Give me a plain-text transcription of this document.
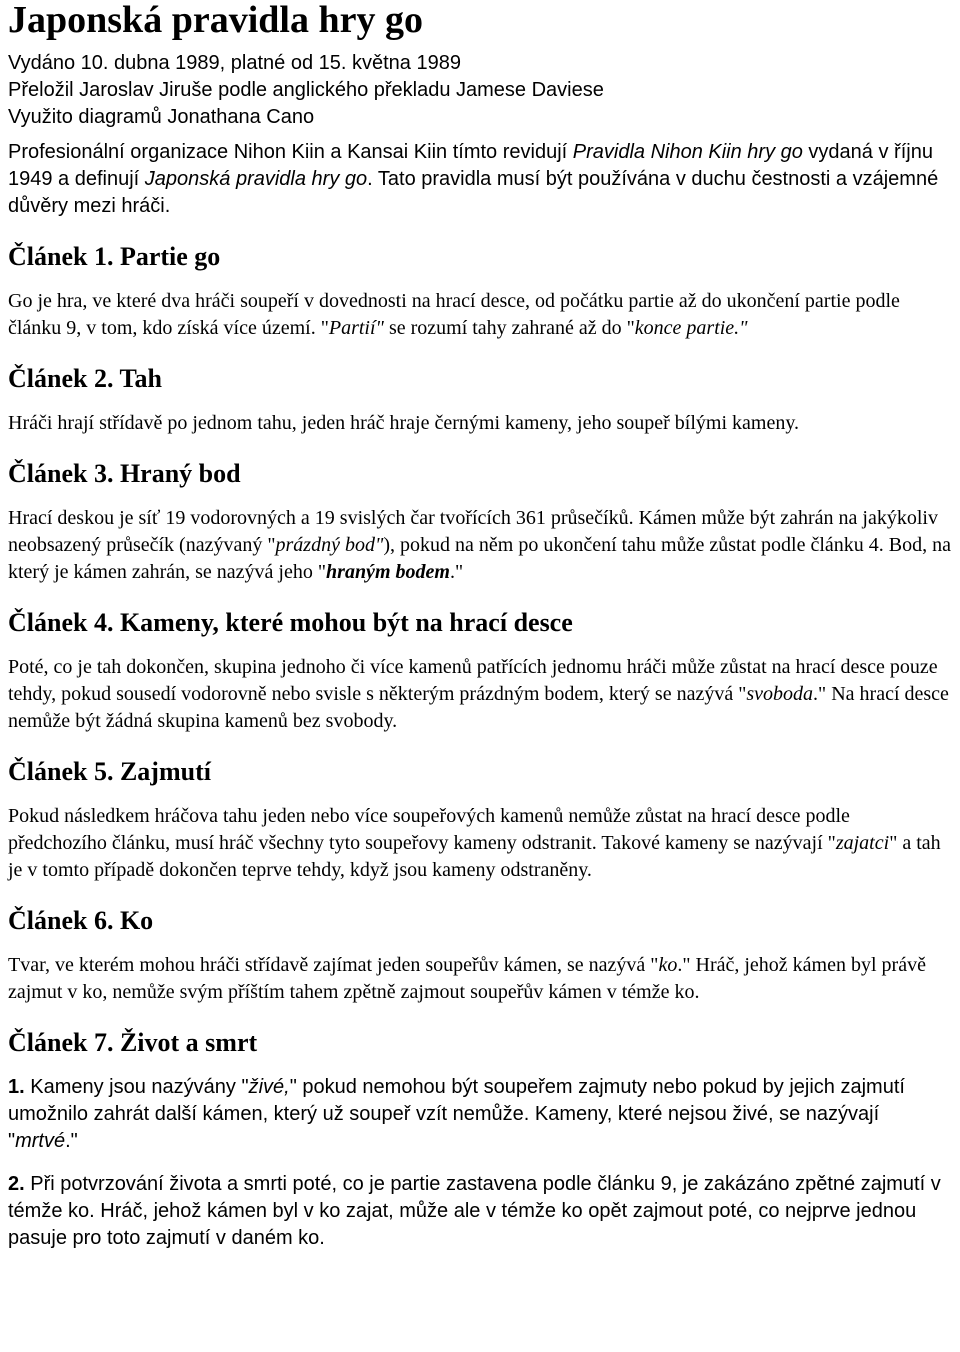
Japonská pravidla hry go
Vydáno 10. dubna 1989, platné od 15. května 1989
Přeložil Jaroslav Jiruše podle anglického překladu Jamese Daviese
Využito diagramů Jonathana Cano

Profesionální organizace Nihon Kiin a Kansai Kiin tímto revidují Pravidla Nihon Kiin hry go vydaná v říjnu 1949 a definují Japonská pravidla hry go. Tato pravidla musí být používána v duchu čestnosti a vzájemné důvěry mezi hráči.

Článek 1. Partie go

Go je hra, ve které dva hráči soupeří v dovednosti na hrací desce, od počátku partie až do ukončení partie podle článku 9, v tom, kdo získá více území. "Partií" se rozumí tahy zahrané až do "konce partie."

Článek 2. Tah

Hráči hrají střídavě po jednom tahu, jeden hráč hraje černými kameny, jeho soupeř bílými kameny.

Článek 3. Hraný bod

Hrací deskou je síť 19 vodorovných a 19 svislých čar tvořících 361 průsečíků. Kámen může být zahrán na jakýkoliv neobsazený průsečík (nazývaný "prázdný bod"), pokud na něm po ukončení tahu může zůstat podle článku 4. Bod, na který je kámen zahrán, se nazývá jeho "hraným bodem."

Článek 4. Kameny, které mohou být na hrací desce

Poté, co je tah dokončen, skupina jednoho či více kamenů patřících jednomu hráči může zůstat na hrací desce pouze tehdy, pokud sousedí vodorovně nebo svisle s některým prázdným bodem, který se nazývá "svoboda." Na hrací desce nemůže být žádná skupina kamenů bez svobody.

Článek 5. Zajmutí

Pokud následkem hráčova tahu jeden nebo více soupeřových kamenů nemůže zůstat na hrací desce podle předchozího článku, musí hráč všechny tyto soupeřovy kameny odstranit. Takové kameny se nazývají "zajatci" a tah je v tomto případě dokončen teprve tehdy, když jsou kameny odstraněny.

Článek 6. Ko

Tvar, ve kterém mohou hráči střídavě zajímat jeden soupeřův kámen, se nazývá "ko." Hráč, jehož kámen byl právě zajmut v ko, nemůže svým příštím tahem zpětně zajmout soupeřův kámen v témže ko.

Článek 7. Život a smrt

1. Kameny jsou nazývány "živé," pokud nemohou být soupeřem zajmuty nebo pokud by jejich zajmutí umožnilo zahrát další kámen, který už soupeř vzít nemůže. Kameny, které nejsou živé, se nazývají "mrtvé."

2. Při potvrzování života a smrti poté, co je partie zastavena podle článku 9, je zakázáno zpětné zajmutí v témže ko. Hráč, jehož kámen byl v ko zajat, může ale v témže ko opět zajmout poté, co nejprve jednou pasuje pro toto zajmutí v daném ko.
